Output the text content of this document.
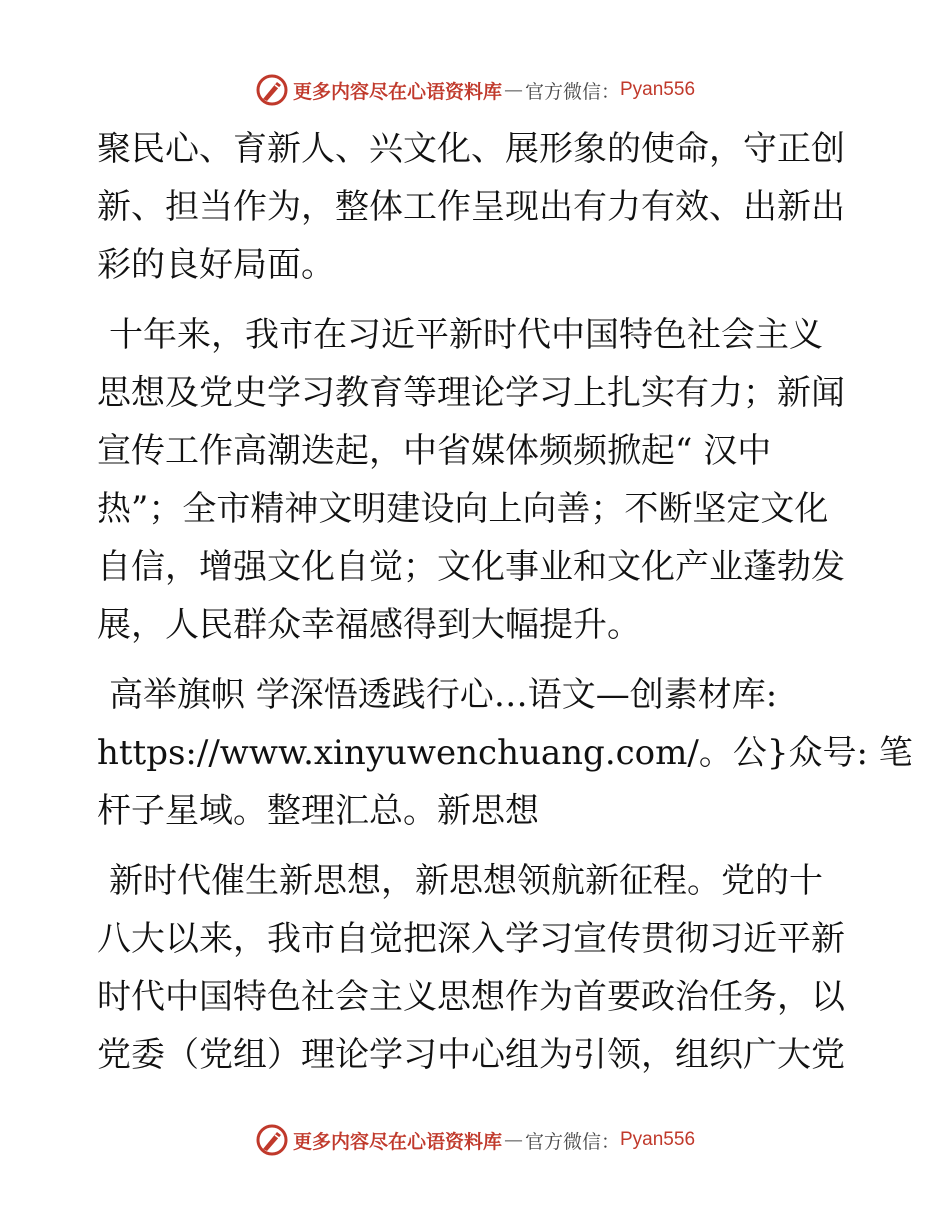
更多内容尽在心语资料库 — 官方微信： Pyan556
聚民心、育新人、兴文化、展形象的使命，守正创
新、担当作为，整体工作呈现出有力有效、出新出
彩的良好局面。
十年来，我市在习近平新时代中国特色社会主义
思想及党史学习教育等理论学习上扎实有力；新闻
宣传工作高潮迭起，中省媒体频频掀起“ 汉中
热”；全市精神文明建设向上向善；不断坚定文化
自信，增强文化自觉；文化事业和文化产业蓬勃发
展，人民群众幸福感得到大幅提升。
高举旗帜 学深悟透践行心…语文—创素材库:
https://www.xinyuwenchuang.com/。公}众号: 笔
杆子星域。整理汇总。新思想
新时代催生新思想，新思想领航新征程。党的十
八大以来，我市自觉把深入学习宣传贯彻习近平新
时代中国特色社会主义思想作为首要政治任务，以
党委（党组）理论学习中心组为引领，组织广大党
更多内容尽在心语资料库 — 官方微信： Pyan556
